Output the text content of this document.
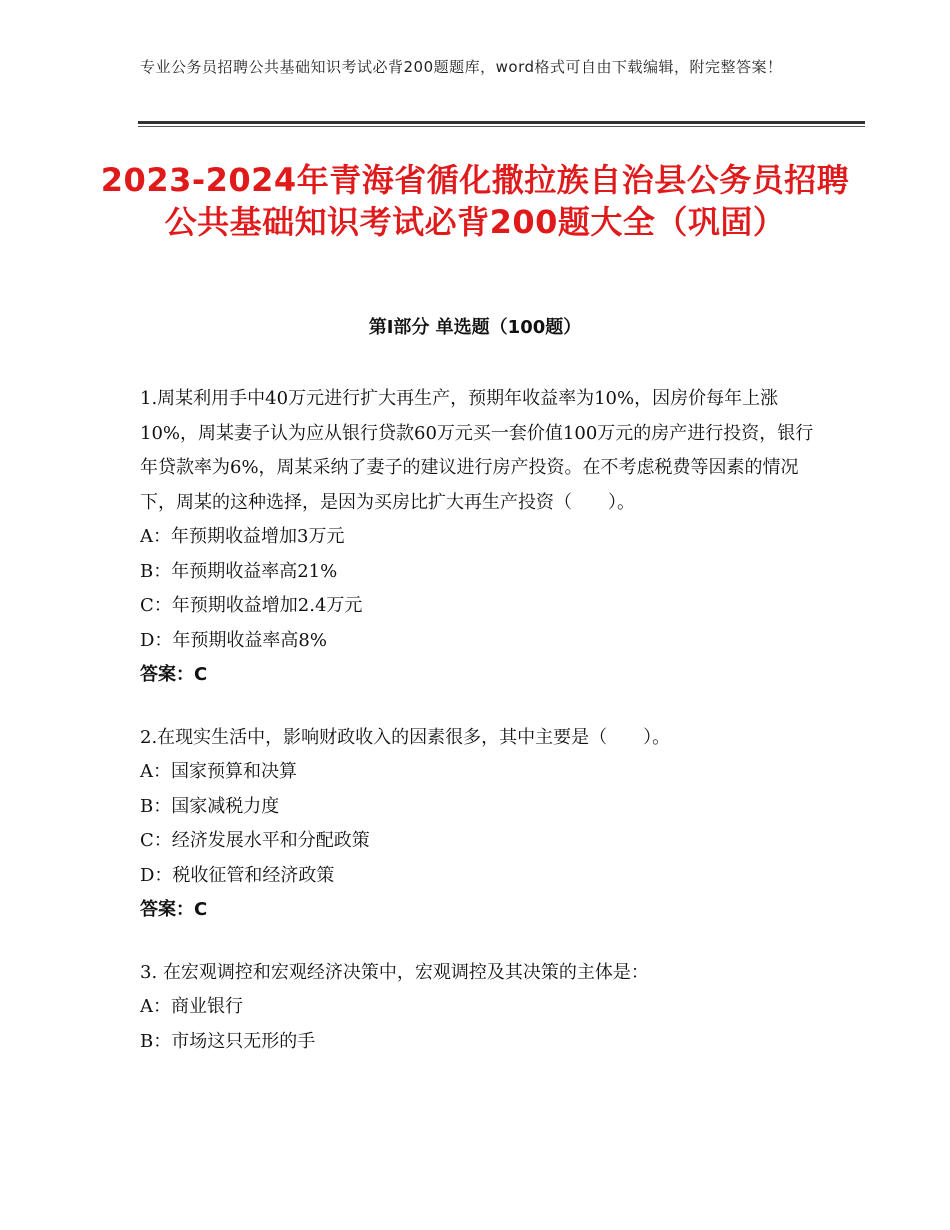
专业公务员招聘公共基础知识考试必背200题题库，word格式可自由下载编辑，附完整答案！
2023-2024年青海省循化撒拉族自治县公务员招聘公共基础知识考试必背200题大全（巩固）
第Ⅰ部分 单选题（100题）

1.周某利用手中40万元进行扩大再生产，预期年收益率为10%，因房价每年上涨10%，周某妻子认为应从银行贷款60万元买一套价值100万元的房产进行投资，银行年贷款率为6%，周某采纳了妻子的建议进行房产投资。在不考虑税费等因素的情况下，周某的这种选择，是因为买房比扩大再生产投资（　　）。

A：年预期收益增加3万元

B：年预期收益率高21%

C：年预期收益增加2.4万元

D：年预期收益率高8%

答案：C

2.在现实生活中，影响财政收入的因素很多，其中主要是（　　）。

A：国家预算和决算

B：国家减税力度

C：经济发展水平和分配政策

D：税收征管和经济政策

答案：C

3. 在宏观调控和宏观经济决策中，宏观调控及其决策的主体是：

A：商业银行

B：市场这只无形的手
